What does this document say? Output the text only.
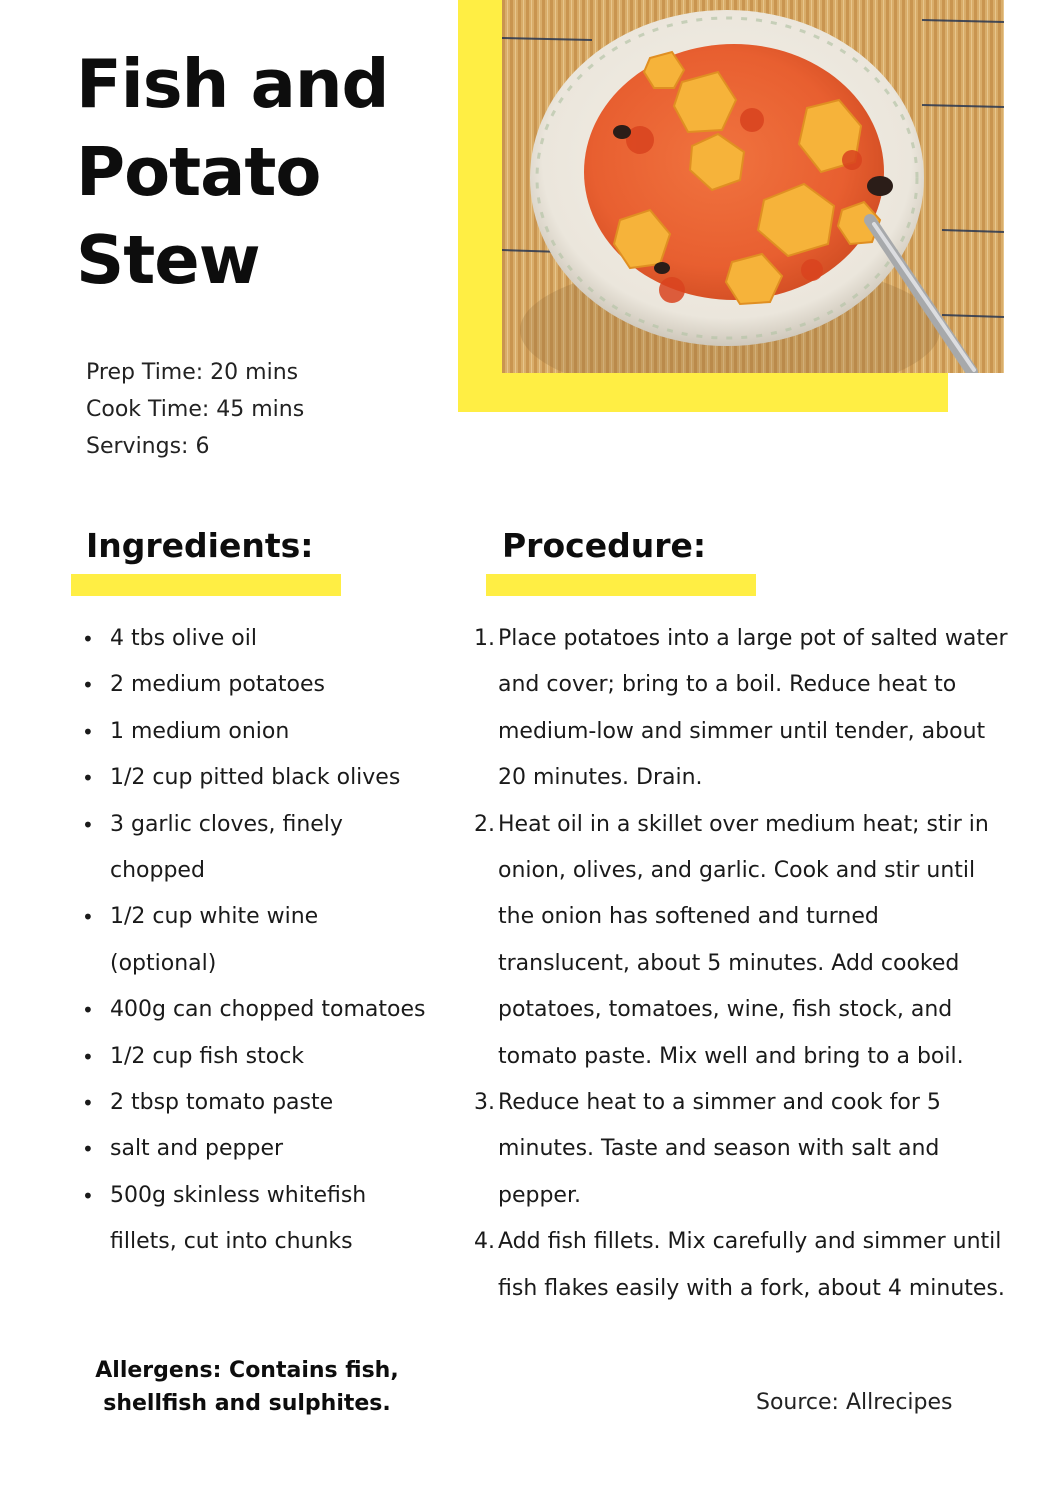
Fish and Potato Stew
Prep Time: 20 mins
Cook Time: 45 mins
Servings: 6
Ingredients:	Procedure:
• 4 tbs olive oil
• 2 medium potatoes
• 1 medium onion
• 1/2 cup pitted black olives
• 3 garlic cloves, finely chopped
• 1/2 cup white wine (optional)
• 400g can chopped tomatoes
• 1/2 cup fish stock
• 2 tbsp tomato paste
• salt and pepper
• 500g skinless whitefish fillets, cut into chunks
1. Place potatoes into a large pot of salted water and cover; bring to a boil. Reduce heat to medium-low and simmer until tender, about 20 minutes. Drain.
2. Heat oil in a skillet over medium heat; stir in onion, olives, and garlic. Cook and stir until the onion has softened and turned translucent, about 5 minutes. Add cooked potatoes, tomatoes, wine, fish stock, and tomato paste. Mix well and bring to a boil.
3. Reduce heat to a simmer and cook for 5 minutes. Taste and season with salt and pepper.
4. Add fish fillets. Mix carefully and simmer until fish flakes easily with a fork, about 4 minutes.
Allergens: Contains fish, shellfish and sulphites.	Source: Allrecipes
